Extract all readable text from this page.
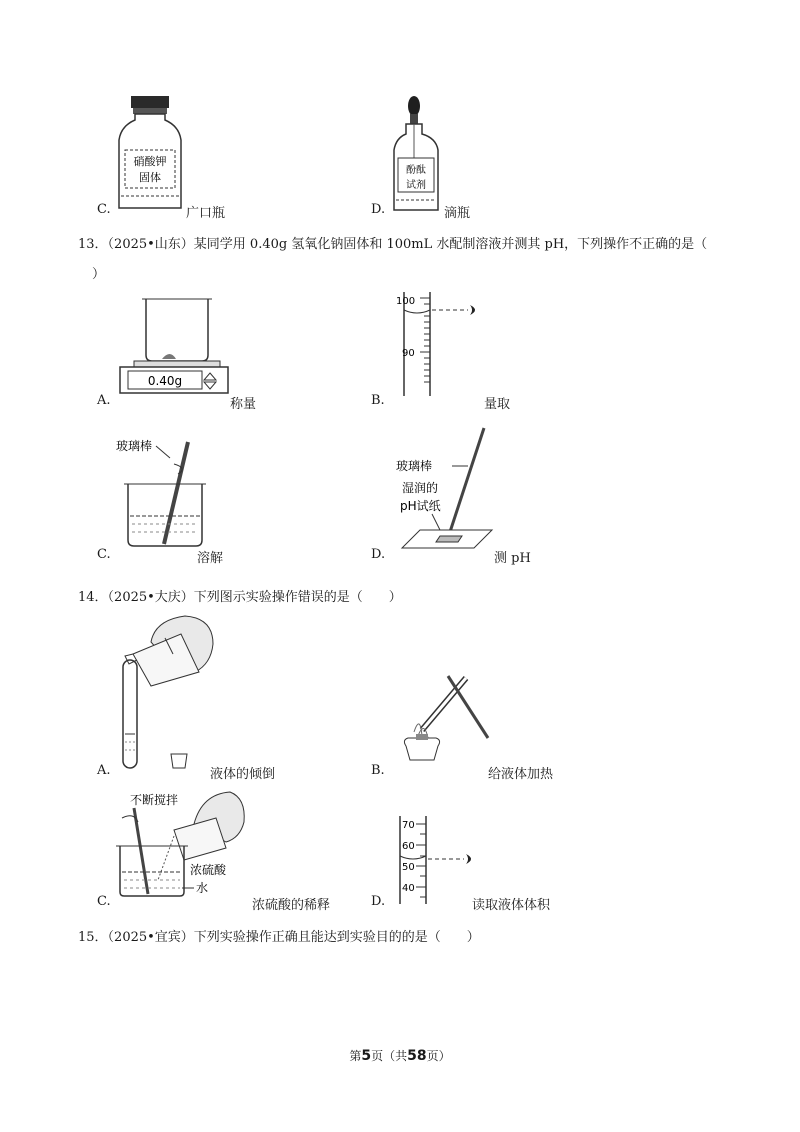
硝酸钾
固体
C.	广口瓶
酚酞
试剂
D.	滴瓶
13．（2025•山东）某同学用 0.40g 氢氧化钠固体和 100mL 水配制溶液并测其 pH，下列操作不正确的是（
）
0.40g
A.	称量
100
90
B.	量取
玻璃棒
C.	溶解
玻璃棒
湿润的
pH试纸
D.	测 pH
14．（2025•大庆）下列图示实验操作错误的是（　　）
A.	液体的倾倒	B.	给液体加热
不断搅拌
浓硫酸
水
C.	浓硫酸的稀释
70
60
50
40
D.	读取液体体积
15．（2025•宜宾）下列实验操作正确且能达到实验目的的是（　　）
第5页（共58页）
